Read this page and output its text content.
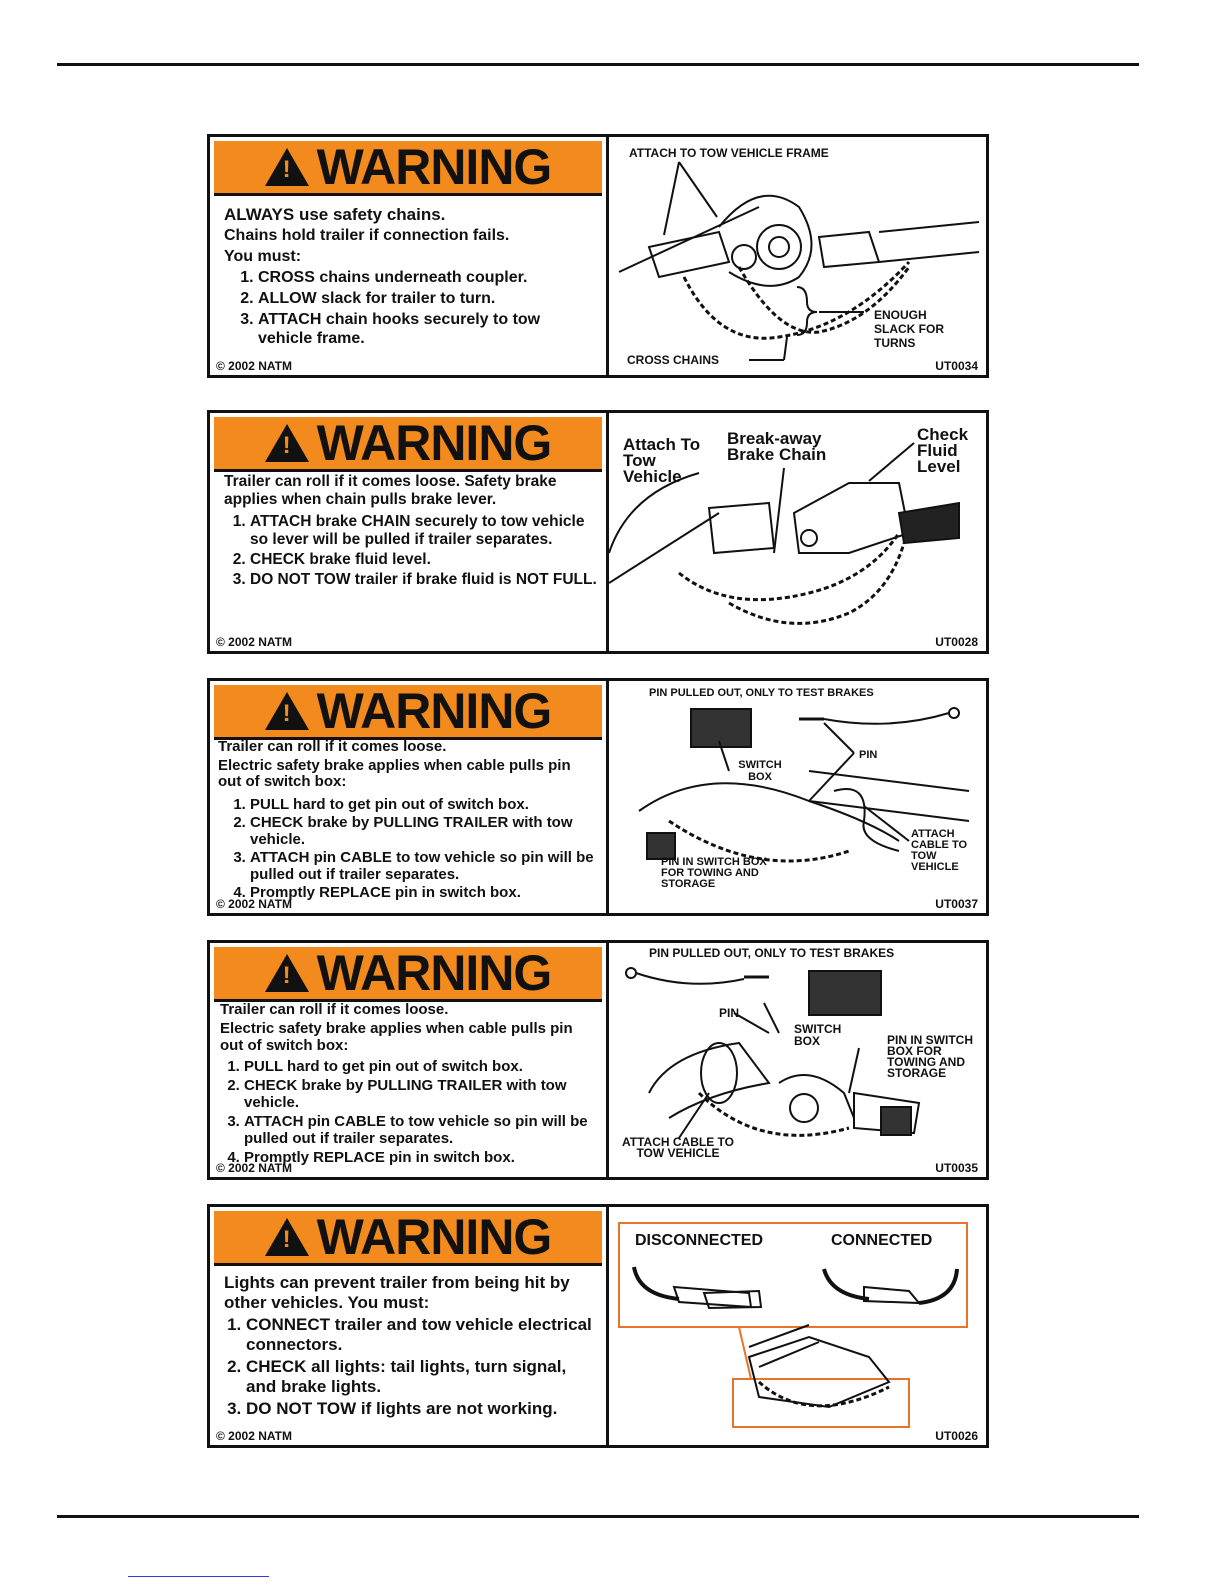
!
WARNING
ALWAYS use safety chains.
Chains hold trailer if connection fails.
You must:
1. CROSS chains underneath coupler.
2. ALLOW slack for trailer to turn.
3. ATTACH chain hooks securely to tow vehicle frame.
© 2002 NATM
ATTACH TO TOW VEHICLE FRAME
ENOUGH SLACK FOR TURNS
CROSS CHAINS	UT0034
!
WARNING
Trailer can roll if it comes loose. Safety brake applies when chain pulls brake lever.
1. ATTACH brake CHAIN securely to tow vehicle so lever will be pulled if trailer separates.
2. CHECK brake fluid level.
3. DO NOT TOW trailer if brake fluid is NOT FULL.
© 2002 NATM
Attach To Tow Vehicle
Break-away Brake Chain
Check Fluid Level
UT0028
!
WARNING
Trailer can roll if it comes loose.
Electric safety brake applies when cable pulls pin out of switch box:
1. PULL hard to get pin out of switch box.
2. CHECK brake by PULLING TRAILER with tow vehicle.
3. ATTACH pin CABLE to tow vehicle so pin will be pulled out if trailer separates.
4. Promptly REPLACE pin in switch box.
© 2002 NATM
PIN PULLED OUT, ONLY TO TEST BRAKES
SWITCH BOX
PIN
ATTACH CABLE TO TOW VEHICLE
PIN IN SWITCH BOX FOR TOWING AND STORAGE
UT0037
!
WARNING
Trailer can roll if it comes loose.
Electric safety brake applies when cable pulls pin out of switch box:
1. PULL hard to get pin out of switch box.
2. CHECK brake by PULLING TRAILER with tow vehicle.
3. ATTACH pin CABLE to tow vehicle so pin will be pulled out if trailer separates.
4. Promptly REPLACE pin in switch box.
© 2002 NATM
PIN PULLED OUT, ONLY TO TEST BRAKES
PIN
SWITCH BOX	PIN IN SWITCH BOX FOR TOWING AND STORAGE
ATTACH CABLE TO TOW VEHICLE
UT0035
!
WARNING
Lights can prevent trailer from being hit by other vehicles. You must:
1. CONNECT trailer and tow vehicle electrical connectors.
2. CHECK all lights: tail lights, turn signal, and brake lights.
3. DO NOT TOW if lights are not working.
© 2002 NATM
DISCONNECTED	CONNECTED
UT0026
